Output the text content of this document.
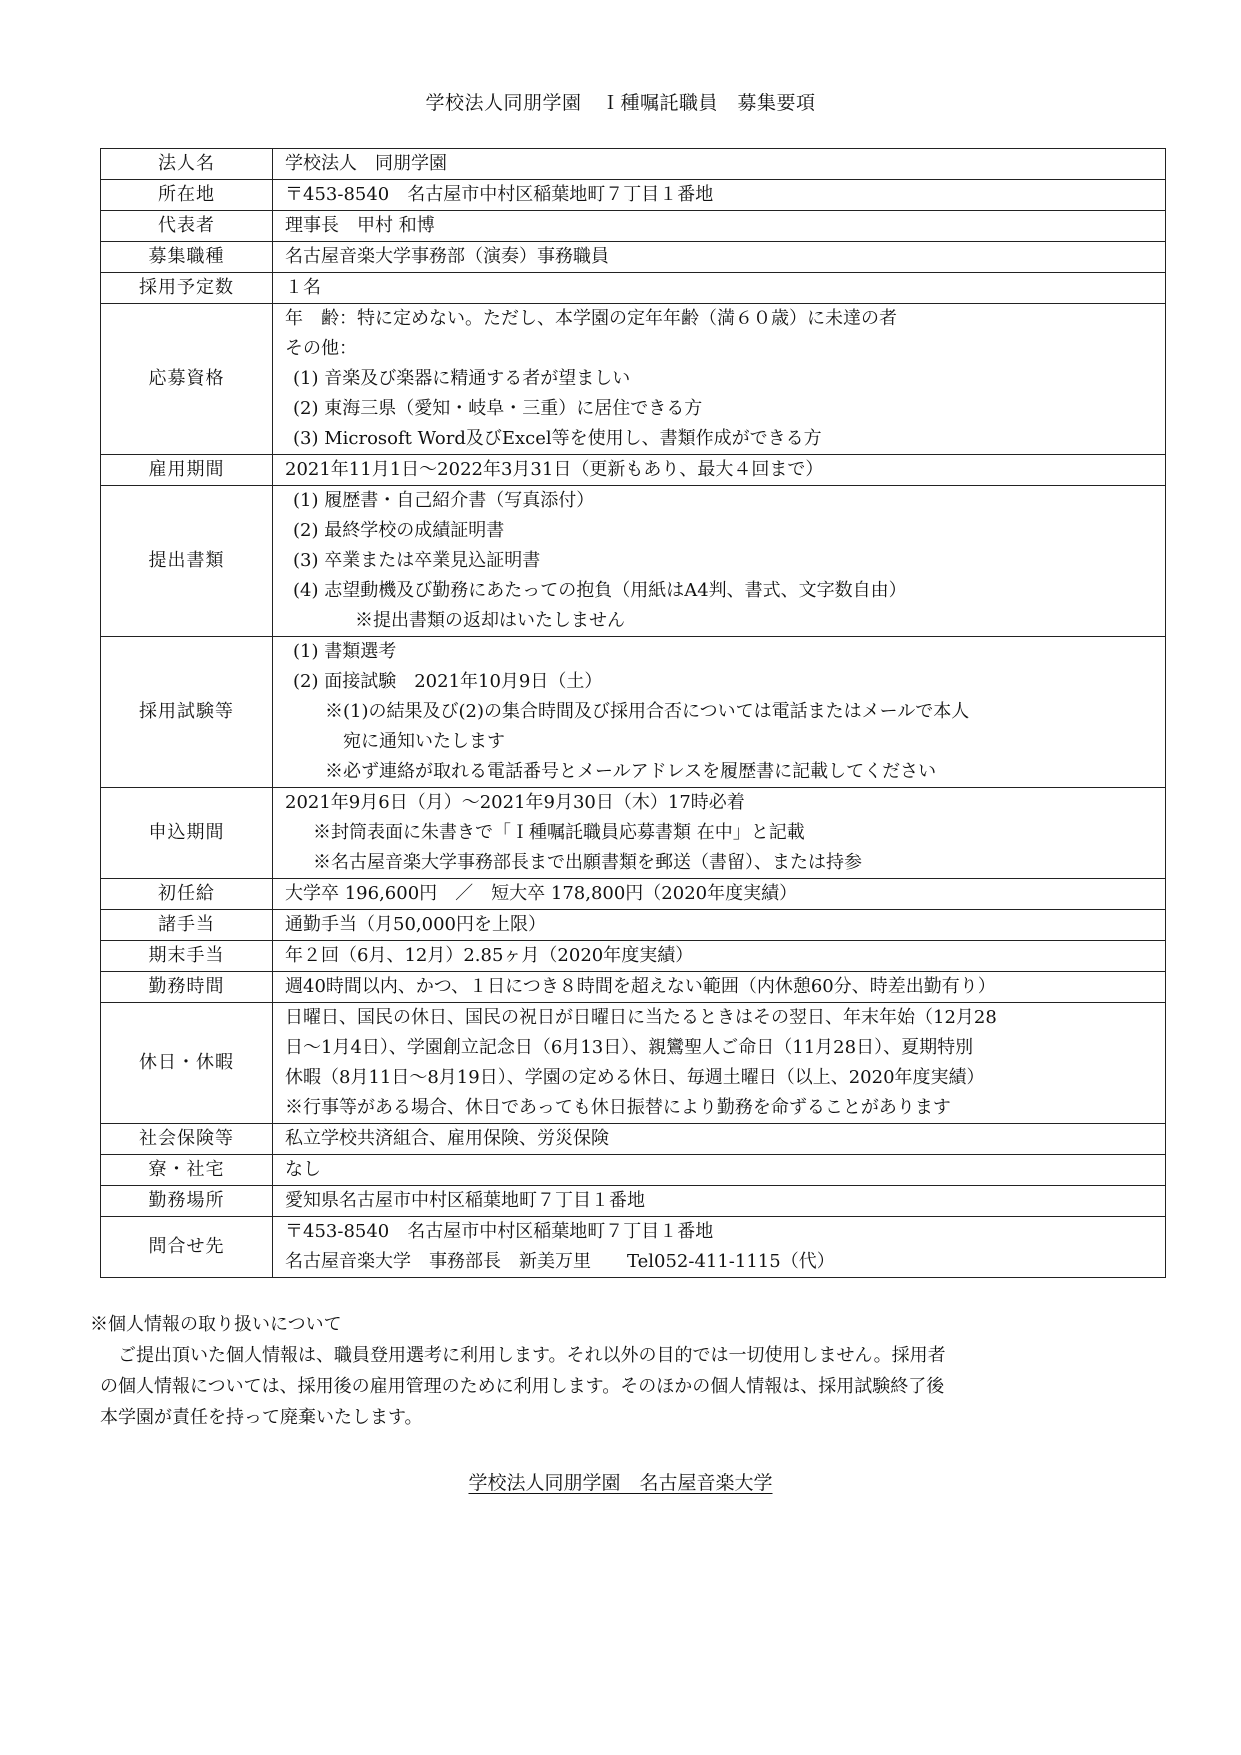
学校法人同朋学園　Ｉ種嘱託職員　募集要項
法人名	学校法人　同朋学園
所在地	〒453-8540　名古屋市中村区稲葉地町７丁目１番地
代表者	理事長　甲村 和博
募集職種	名古屋音楽大学事務部（演奏）事務職員
採用予定数	１名
応募資格	年　齢：特に定めない。ただし、本学園の定年年齢（満６０歳）に未達の者
その他：
(1) 音楽及び楽器に精通する者が望ましい
(2) 東海三県（愛知・岐阜・三重）に居住できる方
(3) Microsoft Word及びExcel等を使用し、書類作成ができる方

雇用期間	2021年11月1日～2022年3月31日（更新もあり、最大４回まで）
提出書類	(1) 履歴書・自己紹介書（写真添付）
(2) 最終学校の成績証明書
(3) 卒業または卒業見込証明書
(4) 志望動機及び勤務にあたっての抱負（用紙はA4判、書式、文字数自由）
※提出書類の返却はいたしません

採用試験等	(1) 書類選考
(2) 面接試験　2021年10月9日（土）
※(1)の結果及び(2)の集合時間及び採用合否については電話またはメールで本人
宛に通知いたします
※必ず連絡が取れる電話番号とメールアドレスを履歴書に記載してください

申込期間	2021年9月6日（月）～2021年9月30日（木）17時必着
※封筒表面に朱書きで「Ｉ種嘱託職員応募書類 在中」と記載
※名古屋音楽大学事務部長まで出願書類を郵送（書留）、または持参

初任給	大学卒 196,600円　／　短大卒 178,800円（2020年度実績）
諸手当	通勤手当（月50,000円を上限）
期末手当	年２回（6月、12月）2.85ヶ月（2020年度実績）
勤務時間	週40時間以内、かつ、１日につき８時間を超えない範囲（内休憩60分、時差出勤有り）
休日・休暇	日曜日、国民の休日、国民の祝日が日曜日に当たるときはその翌日、年末年始（12月28
日～1月4日）、学園創立記念日（6月13日）、親鸞聖人ご命日（11月28日）、夏期特別
休暇（8月11日～8月19日）、学園の定める休日、毎週土曜日（以上、2020年度実績）
※行事等がある場合、休日であっても休日振替により勤務を命ずることがあります

社会保険等	私立学校共済組合、雇用保険、労災保険
寮・社宅	なし
勤務場所	愛知県名古屋市中村区稲葉地町７丁目１番地
問合せ先	〒453-8540　名古屋市中村区稲葉地町７丁目１番地
名古屋音楽大学　事務部長　新美万里　　Tel052-411-1115（代）
※個人情報の取り扱いについて
　ご提出頂いた個人情報は、職員登用選考に利用します。それ以外の目的では一切使用しません。採用者
の個人情報については、採用後の雇用管理のために利用します。そのほかの個人情報は、採用試験終了後
本学園が責任を持って廃棄いたします。
学校法人同朋学園　名古屋音楽大学
